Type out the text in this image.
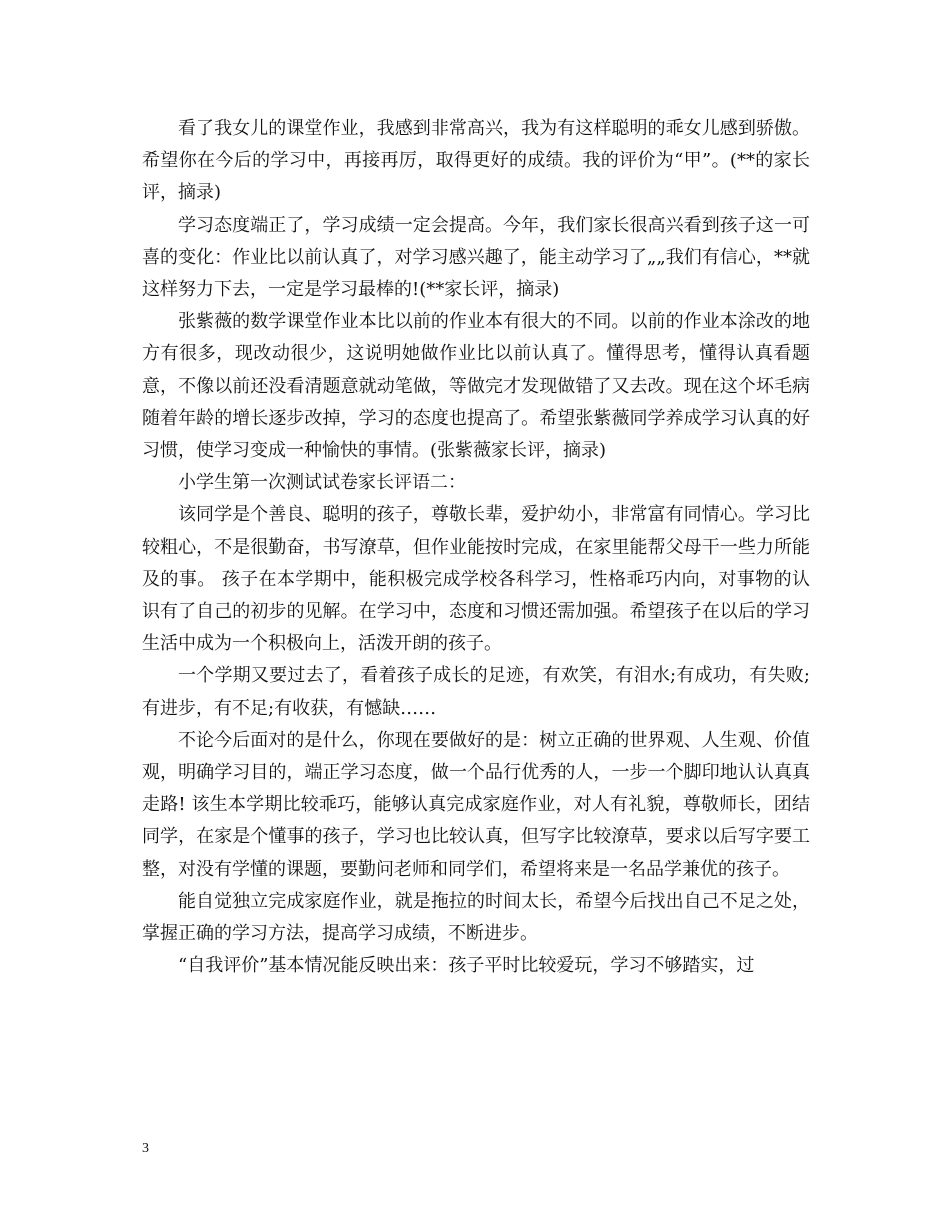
看了我女儿的课堂作业，我感到非常高兴，我为有这样聪明的乖女儿感到骄傲。希望你在今后的学习中，再接再厉，取得更好的成绩。我的评价为“甲”。(**的家长评，摘录)

学习态度端正了，学习成绩一定会提高。今年，我们家长很高兴看到孩子这一可喜的变化：作业比以前认真了，对学习感兴趣了，能主动学习了„„我们有信心，**就这样努力下去，一定是学习最棒的!(**家长评，摘录)

张紫薇的数学课堂作业本比以前的作业本有很大的不同。以前的作业本涂改的地方有很多，现改动很少，这说明她做作业比以前认真了。懂得思考，懂得认真看题意，不像以前还没看清题意就动笔做，等做完才发现做错了又去改。现在这个坏毛病随着年龄的增长逐步改掉，学习的态度也提高了。希望张紫薇同学养成学习认真的好习惯，使学习变成一种愉快的事情。(张紫薇家长评，摘录)

小学生第一次测试试卷家长评语二：

该同学是个善良、聪明的孩子，尊敬长辈，爱护幼小，非常富有同情心。学习比较粗心，不是很勤奋，书写潦草，但作业能按时完成，在家里能帮父母干一些力所能及的事。 孩子在本学期中，能积极完成学校各科学习，性格乖巧内向，对事物的认识有了自己的初步的见解。在学习中，态度和习惯还需加强。希望孩子在以后的学习生活中成为一个积极向上，活泼开朗的孩子。

一个学期又要过去了，看着孩子成长的足迹，有欢笑，有泪水;有成功，有失败;有进步，有不足;有收获，有憾缺……

不论今后面对的是什么，你现在要做好的是：树立正确的世界观、人生观、价值观，明确学习目的，端正学习态度，做一个品行优秀的人，一步一个脚印地认认真真走路! 该生本学期比较乖巧，能够认真完成家庭作业，对人有礼貌，尊敬师长，团结同学，在家是个懂事的孩子，学习也比较认真，但写字比较潦草，要求以后写字要工整，对没有学懂的课题，要勤问老师和同学们，希望将来是一名品学兼优的孩子。

能自觉独立完成家庭作业，就是拖拉的时间太长，希望今后找出自己不足之处，掌握正确的学习方法，提高学习成绩，不断进步。

“自我评价”基本情况能反映出来：孩子平时比较爱玩，学习不够踏实，过

3
